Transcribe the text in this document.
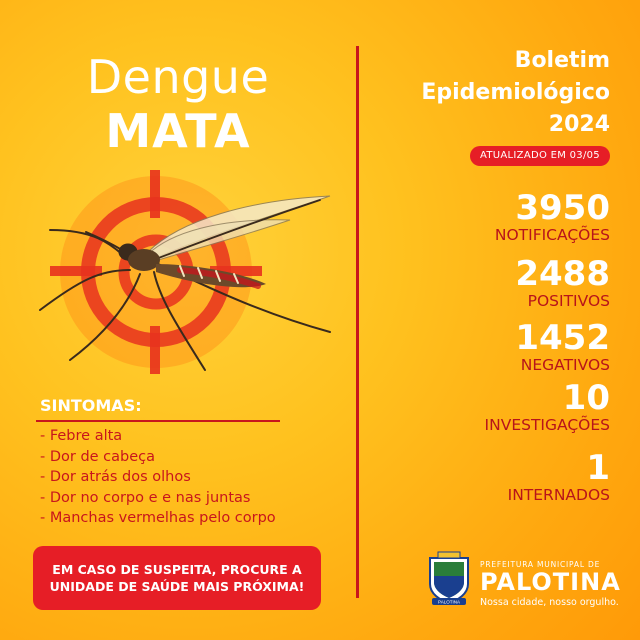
Dengue
MATA
SINTOMAS:
- Febre alta
- Dor de cabeça
- Dor atrás dos olhos
- Dor no corpo e e nas juntas
- Manchas vermelhas pelo corpo
EM CASO DE SUSPEITA, PROCURE A
UNIDADE DE SAÚDE MAIS PRÓXIMA!
Boletim
Epidemiológico
2024
ATUALIZADO EM 03/05
3950
NOTIFICAÇÕES
2488
POSITIVOS
1452
NEGATIVOS
10
INVESTIGAÇÕES
1
INTERNADOS
PALOTINA
PREFEITURA MUNICIPAL DE
PALOTINA
Nossa cidade, nosso orgulho.
